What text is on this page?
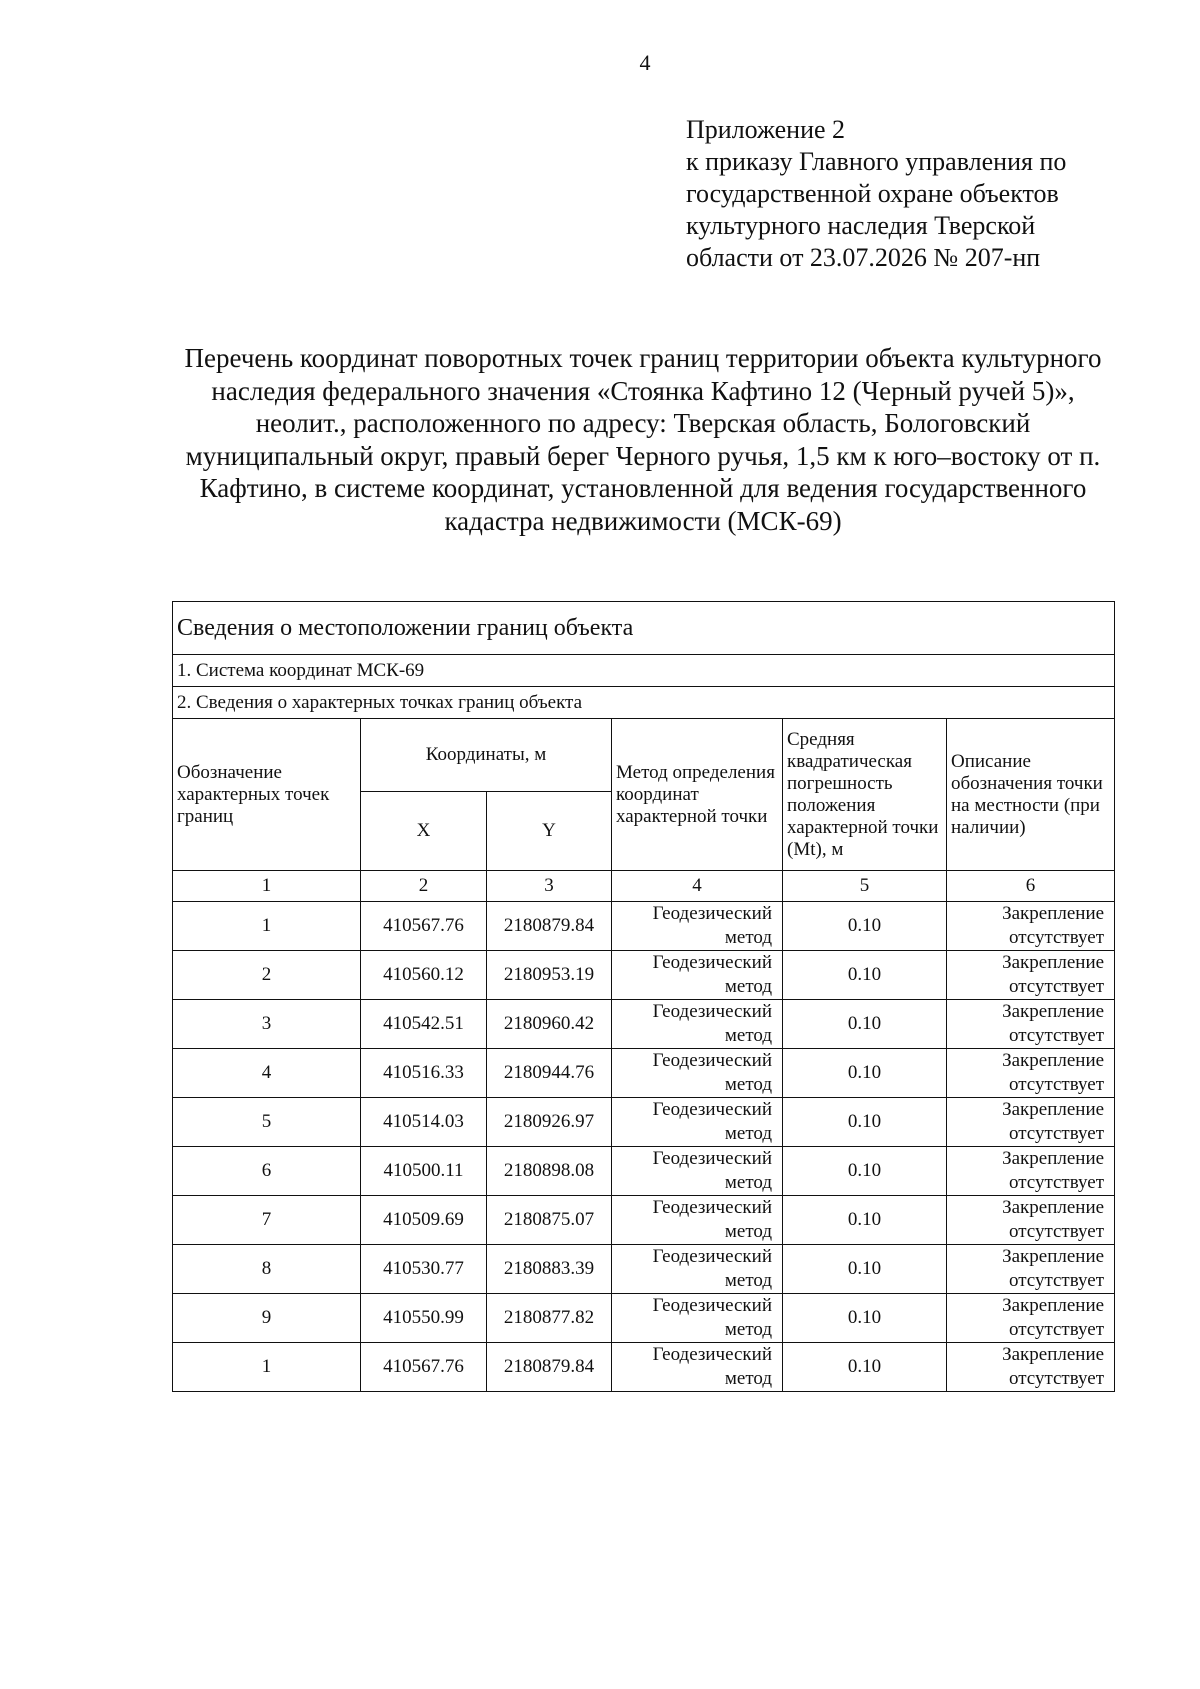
4
Приложение 2
к приказу Главного управления по
государственной охране объектов
культурного наследия Тверской
области от 23.07.2026 № 207-нп
Перечень координат поворотных точек границ территории объекта культурного наследия федерального значения «Стоянка Кафтино 12 (Черный ручей 5)», неолит., расположенного по адресу: Тверская область, Бологовский муниципальный округ, правый берег Черного ручья, 1,5 км к юго–востоку от п. Кафтино, в системе координат, установленной для ведения государственного кадастра недвижимости (МСК-69)
Сведения о местоположении границ объекта					
1. Система координат МСК-69					
2. Сведения о характерных точках границ объекта					
Обозначение характерных точек границ	Координаты, м		Метод определения координат характерной точки	Средняя квадратическая погрешность положения характерной точки (Mt), м	Описание обозначения точки на местности (при наличии)
	X	Y			
1	2	3	4	5	6
1	410567.76	2180879.84	Геодезический метод	0.10	Закрепление отсутствует
2	410560.12	2180953.19	Геодезический метод	0.10	Закрепление отсутствует
3	410542.51	2180960.42	Геодезический метод	0.10	Закрепление отсутствует
4	410516.33	2180944.76	Геодезический метод	0.10	Закрепление отсутствует
5	410514.03	2180926.97	Геодезический метод	0.10	Закрепление отсутствует
6	410500.11	2180898.08	Геодезический метод	0.10	Закрепление отсутствует
7	410509.69	2180875.07	Геодезический метод	0.10	Закрепление отсутствует
8	410530.77	2180883.39	Геодезический метод	0.10	Закрепление отсутствует
9	410550.99	2180877.82	Геодезический метод	0.10	Закрепление отсутствует
1	410567.76	2180879.84	Геодезический метод	0.10	Закрепление отсутствует
